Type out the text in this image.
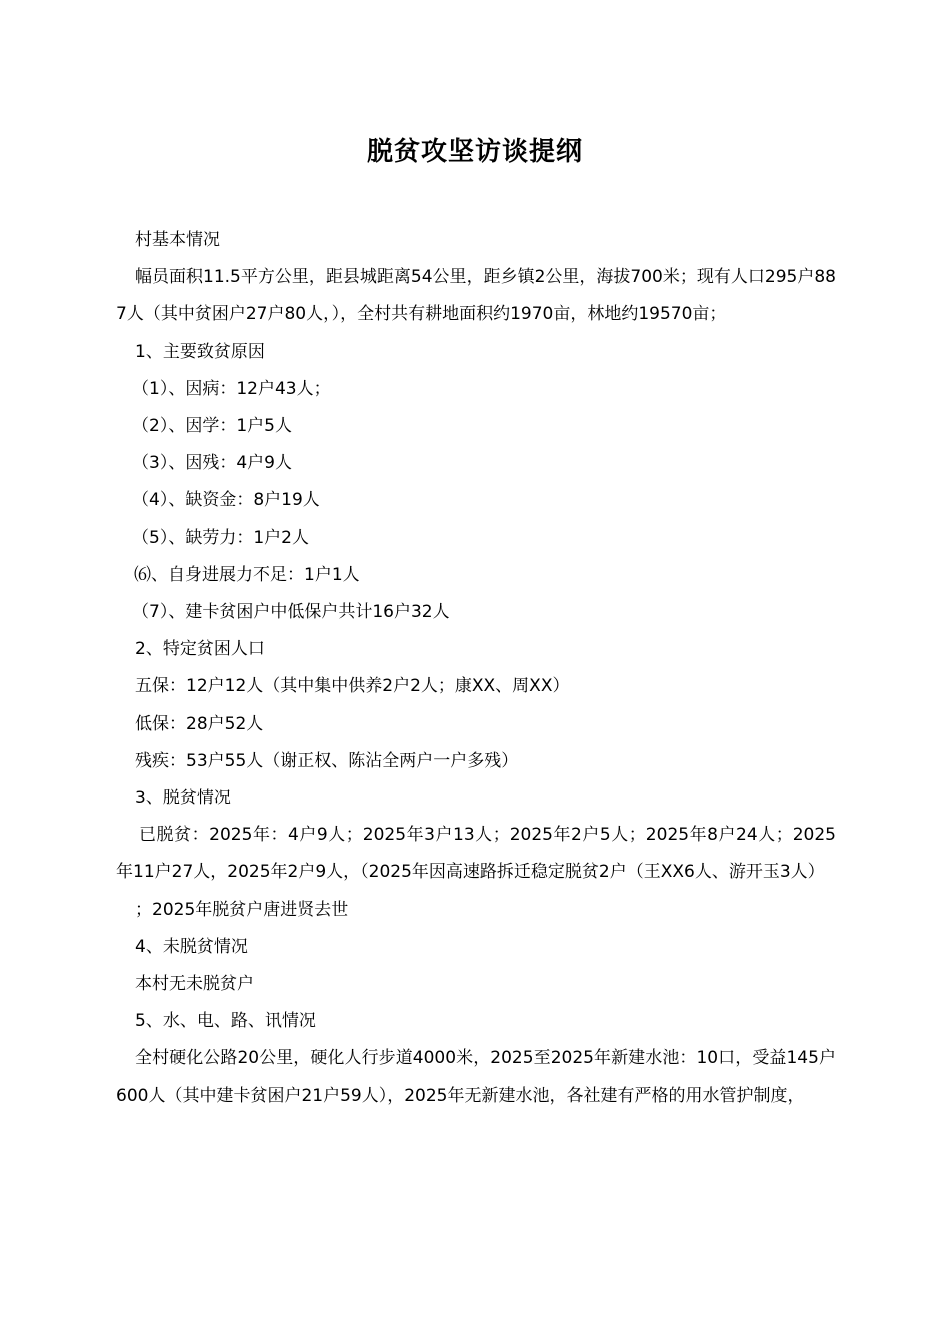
脱贫攻坚访谈提纲

村基本情况

幅员面积11.5平方公里，距县城距离54公里，距乡镇2公里，海拔700米；现有人口295户887人（其中贫困户27户80人，），全村共有耕地面积约1970亩，林地约19570亩；

1、主要致贫原因

（1）、因病：12户43人；

（2）、因学：1户5人

（3）、因残：4户9人

（4）、缺资金：8户19人

（5）、缺劳力：1户2人

⑹、自身进展力不足：1户1人

（7）、建卡贫困户中低保户共计16户32人

2、特定贫困人口

五保：12户12人（其中集中供养2户2人；康XX、周XX）

低保：28户52人

残疾：53户55人（谢正权、陈沾全两户一户多残）

3、脱贫情况

已脱贫：2025年：4户9人；2025年3户13人；2025年2户5人；2025年8户24人；2025年11户27人，2025年2户9人，（2025年因高速路拆迁稳定脱贫2户（王XX6人、游开玉3人）

；2025年脱贫户唐进贤去世

4、未脱贫情况

本村无未脱贫户

5、水、电、路、讯情况

全村硬化公路20公里，硬化人行步道4000米，2025至2025年新建水池：10口，受益145户600人（其中建卡贫困户21户59人），2025年无新建水池，各社建有严格的用水管护制度，
